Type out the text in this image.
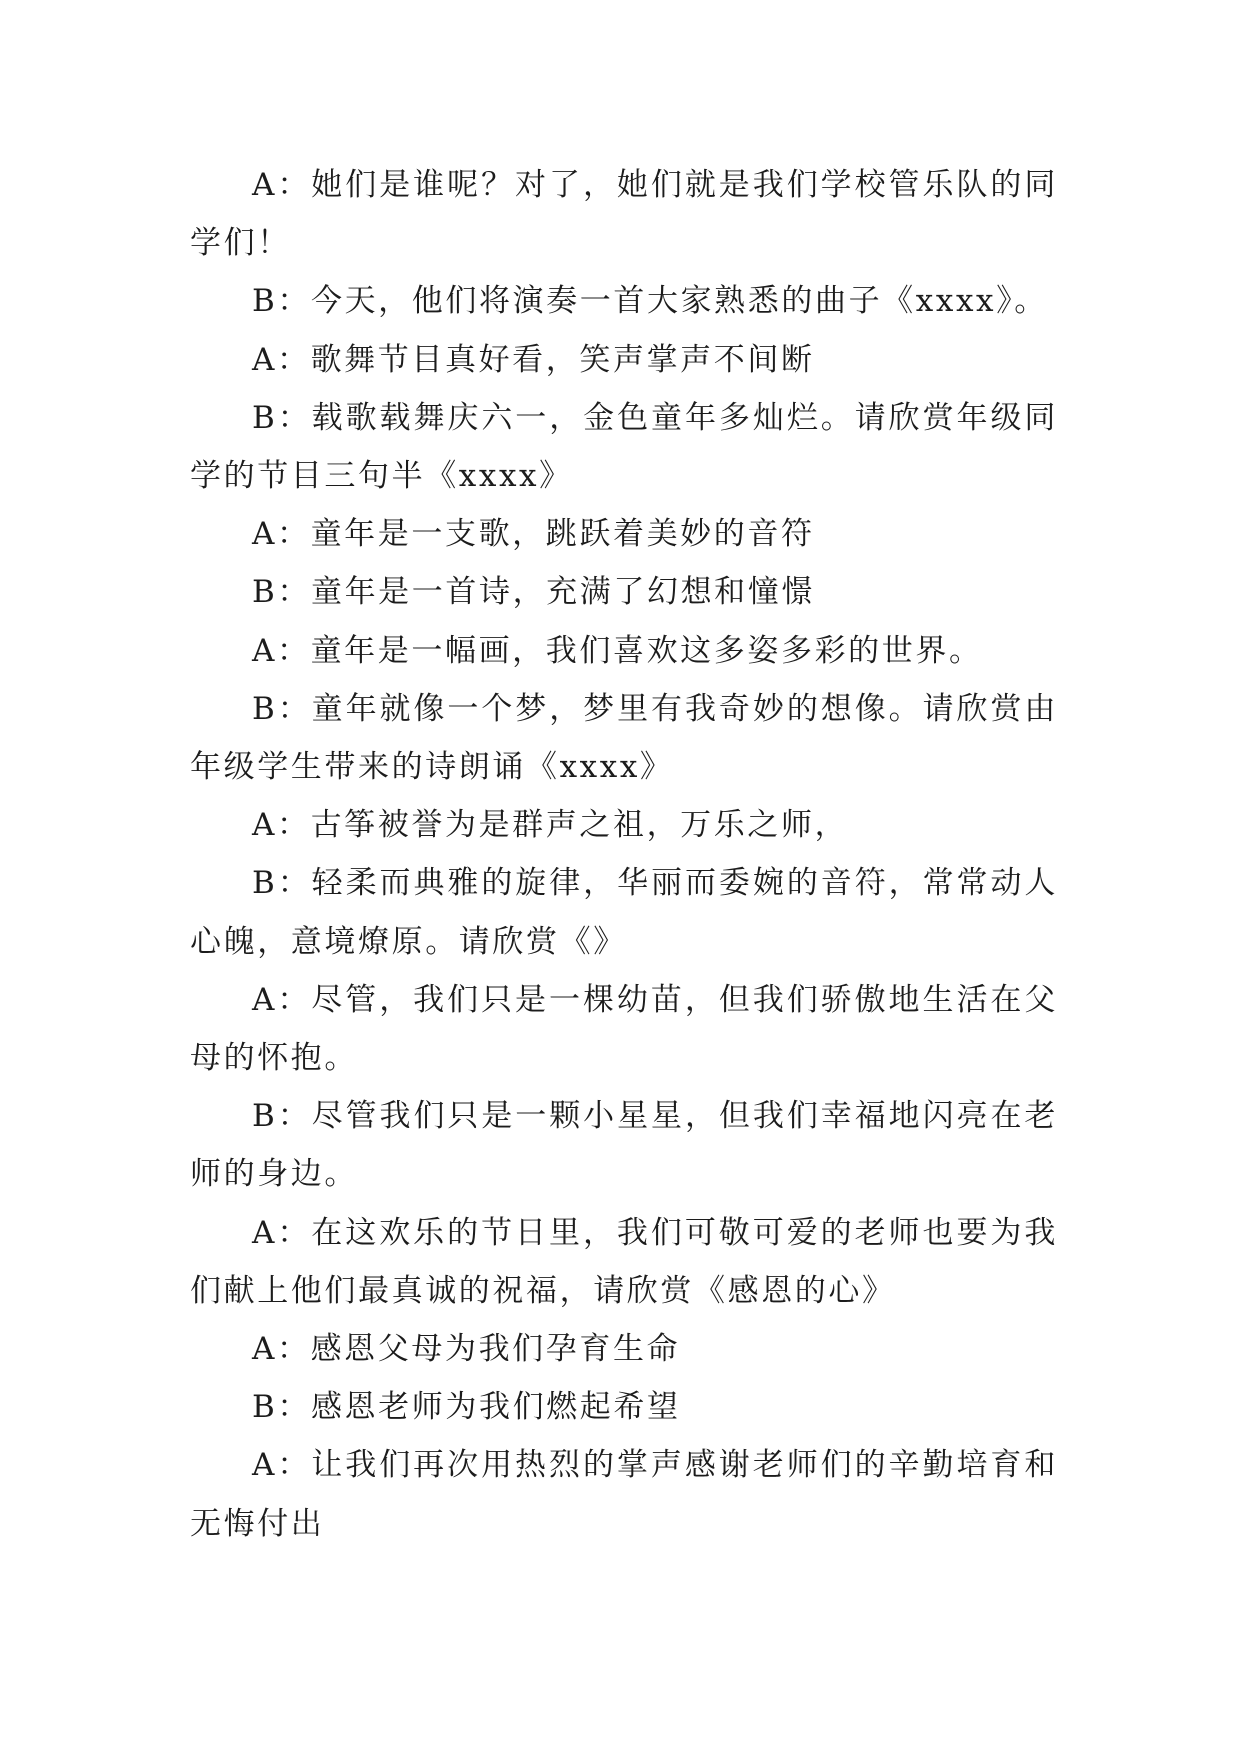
A：她们是谁呢？对了，她们就是我们学校管乐队的同学们！

B：今天，他们将演奏一首大家熟悉的曲子《xxxx》。

A：歌舞节目真好看，笑声掌声不间断

B：载歌载舞庆六一，金色童年多灿烂。请欣赏年级同学的节目三句半《xxxx》

A：童年是一支歌，跳跃着美妙的音符

B：童年是一首诗，充满了幻想和憧憬

A：童年是一幅画，我们喜欢这多姿多彩的世界。

B：童年就像一个梦，梦里有我奇妙的想像。请欣赏由年级学生带来的诗朗诵《xxxx》

A：古筝被誉为是群声之祖，万乐之师，

B：轻柔而典雅的旋律，华丽而委婉的音符，常常动人心魄，意境燎原。请欣赏《》

A：尽管，我们只是一棵幼苗，但我们骄傲地生活在父母的怀抱。

B：尽管我们只是一颗小星星，但我们幸福地闪亮在老师的身边。

A：在这欢乐的节日里，我们可敬可爱的老师也要为我们献上他们最真诚的祝福，请欣赏《感恩的心》

A：感恩父母为我们孕育生命

B：感恩老师为我们燃起希望

A：让我们再次用热烈的掌声感谢老师们的辛勤培育和无悔付出
